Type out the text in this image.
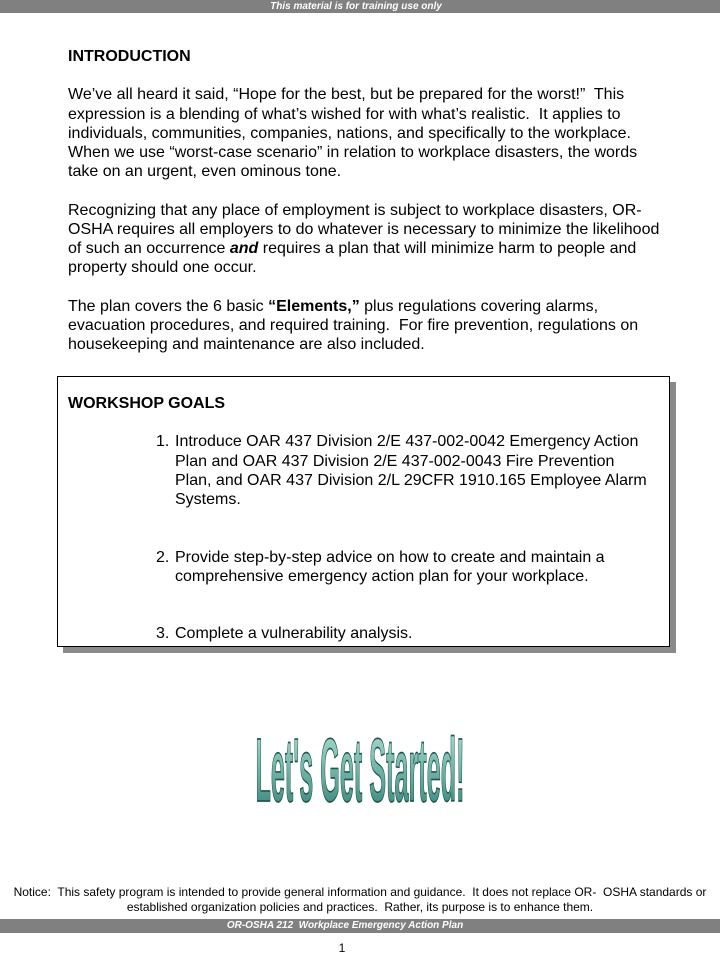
This material is for training use only
INTRODUCTION
We’ve all heard it said, “Hope for the best, but be prepared for the worst!”  This
expression is a blending of what’s wished for with what’s realistic.  It applies to
individuals, communities, companies, nations, and specifically to the workplace.
When we use “worst-case scenario” in relation to workplace disasters, the words
take on an urgent, even ominous tone.
Recognizing that any place of employment is subject to workplace disasters, OR-
OSHA requires all employers to do whatever is necessary to minimize the likelihood
of such an occurrence and requires a plan that will minimize harm to people and
property should one occur.
The plan covers the 6 basic “Elements,” plus regulations covering alarms,
evacuation procedures, and required training.  For fire prevention, regulations on
housekeeping and maintenance are also included.
WORKSHOP GOALS
1. Introduce OAR 437 Division 2/E 437-002-0042 Emergency Action
Plan and OAR 437 Division 2/E 437-002-0043 Fire Prevention
Plan, and OAR 437 Division 2/L 29CFR 1910.165 Employee Alarm
Systems.
2. Provide step-by-step advice on how to create and maintain a
comprehensive emergency action plan for your workplace.
3. Complete a vulnerability analysis.
Let's Get Started!
Notice:  This safety program is intended to provide general information and guidance.  It does not replace OR-  OSHA standards or
established organization policies and practices.  Rather, its purpose is to enhance them.
OR-OSHA 212  Workplace Emergency Action Plan
1
